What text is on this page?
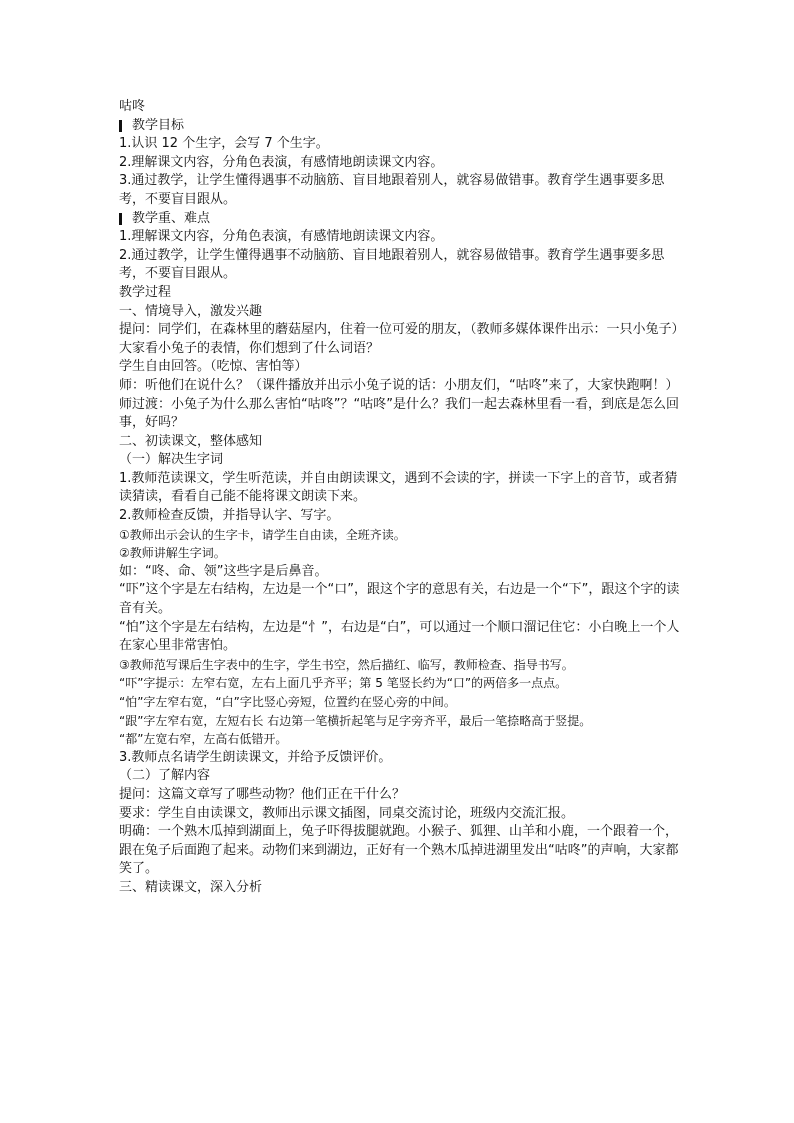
咕咚

教学目标

1.认识 12 个生字，会写 7 个生字。

2.理解课文内容，分角色表演，有感情地朗读课文内容。

3.通过教学，让学生懂得遇事不动脑筋、盲目地跟着别人，就容易做错事。教育学生遇事要多思考，不要盲目跟从。

教学重、难点

1.理解课文内容，分角色表演，有感情地朗读课文内容。

2.通过教学，让学生懂得遇事不动脑筋、盲目地跟着别人，就容易做错事。教育学生遇事要多思考，不要盲目跟从。

教学过程

一、情境导入，激发兴趣

提问：同学们，在森林里的蘑菇屋内，住着一位可爱的朋友，（教师多媒体课件出示：一只小兔子）大家看小兔子的表情，你们想到了什么词语？

学生自由回答。（吃惊、害怕等）

师：听他们在说什么？（课件播放并出示小兔子说的话：小朋友们，“咕咚”来了，大家快跑啊！）

师过渡：小兔子为什么那么害怕“咕咚”？“咕咚”是什么？我们一起去森林里看一看，到底是怎么回事，好吗？

二、初读课文，整体感知

（一）解决生字词

1.教师范读课文，学生听范读，并自由朗读课文，遇到不会读的字，拼读一下字上的音节，或者猜读猜读，看看自己能不能将课文朗读下来。

2.教师检查反馈，并指导认字、写字。

①教师出示会认的生字卡，请学生自由读，全班齐读。

②教师讲解生字词。

如：“咚、命、领”这些字是后鼻音。

“吓”这个字是左右结构，左边是一个“口”，跟这个字的意思有关，右边是一个“下”，跟这个字的读音有关。

“怕”这个字是左右结构，左边是“忄”，右边是“白”，可以通过一个顺口溜记住它：小白晚上一个人在家心里非常害怕。

③教师范写课后生字表中的生字，学生书空，然后描红、临写，教师检查、指导书写。

“吓”字提示：左窄右宽，左右上面几乎齐平；第 5 笔竖长约为“口”的两倍多一点点。

“怕”字左窄右宽，“白”字比竖心旁短，位置约在竖心旁的中间。

“跟”字左窄右宽，左短右长 右边第一笔横折起笔与足字旁齐平，最后一笔捺略高于竖提。

“都”左宽右窄，左高右低错开。

3.教师点名请学生朗读课文，并给予反馈评价。

（二）了解内容

提问：这篇文章写了哪些动物？他们正在干什么？

要求：学生自由读课文，教师出示课文插图，同桌交流讨论，班级内交流汇报。

明确：一个熟木瓜掉到湖面上，兔子吓得拔腿就跑。小猴子、狐狸、山羊和小鹿，一个跟着一个，跟在兔子后面跑了起来。动物们来到湖边，正好有一个熟木瓜掉进湖里发出“咕咚”的声响，大家都笑了。

三、精读课文，深入分析
